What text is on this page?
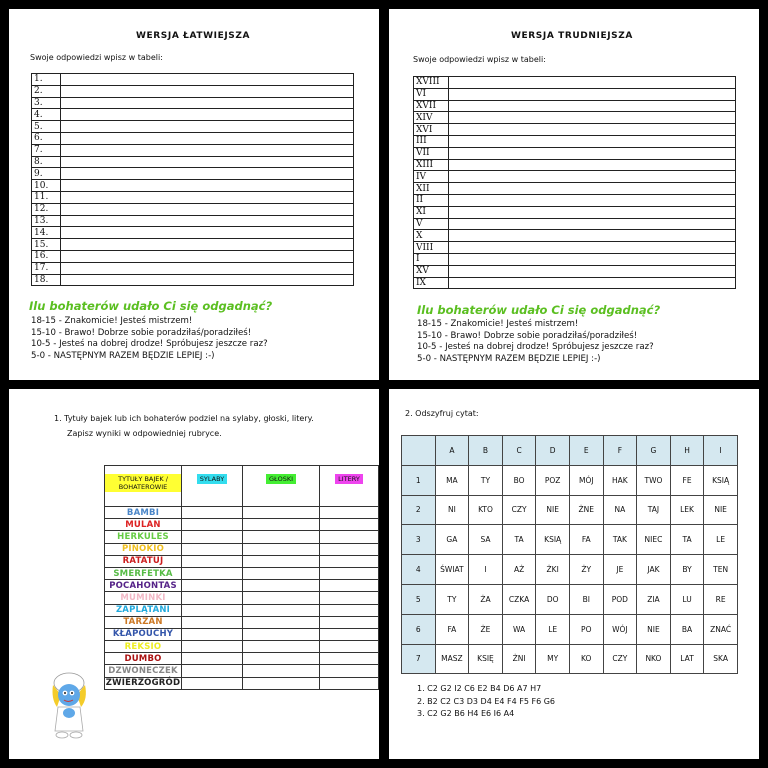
WERSJA ŁATWIEJSZA
Swoje odpowiedzi wpisz w tabeli:
1.	
2.	
3.	
4.	
5.	
6.	
7.	
8.	
9.	
10.	
11.	
12.	
13.	
14.	
15.	
16.	
17.	
18.	
Ilu bohaterów udało Ci się odgadnąć?
18-15 - Znakomicie! Jesteś mistrzem!
15-10 - Brawo! Dobrze sobie poradziłaś/poradziłeś!
10-5 - Jesteś na dobrej drodze! Spróbujesz jeszcze raz?
5-0 - NASTĘPNYM RAZEM BĘDZIE LEPIEJ :-)
WERSJA TRUDNIEJSZA
Swoje odpowiedzi wpisz w tabeli:
XVIII	
VI	
XVII	
XIV	
XVI	
III	
VII	
XIII	
IV	
XII	
II	
XI	
V	
X	
VIII	
I	
XV	
IX	
Ilu bohaterów udało Ci się odgadnąć?
18-15 - Znakomicie! Jesteś mistrzem!
15-10 - Brawo! Dobrze sobie poradziłaś/poradziłeś!
10-5 - Jesteś na dobrej drodze! Spróbujesz jeszcze raz?
5-0 - NASTĘPNYM RAZEM BĘDZIE LEPIEJ :-)
1. Tytuły bajek lub ich bohaterów podziel na sylaby, głoski, litery.
Zapisz wyniki w odpowiedniej rubryce.
TYTUŁY BAJEK / BOHATEROWIE	SYLABY	GŁOSKI	LITERY
BAMBI			
MULAN			
HERKULES			
PINOKIO			
RATATUJ			
SMERFETKA			
POCAHONTAS			
MUMINKI			
ZAPLĄTANI			
TARZAN			
KŁAPOUCHY			
REKSIO			
DUMBO			
DZWONECZEK			
ZWIERZOGRÓD			
2. Odszyfruj cytat:
	A	B	C	D	E	F	G	H	I
1	MA	TY	BO	POZ	MÓJ	HAK	TWO	FE	KSIĄ
2	NI	KTO	CZY	NIE	ŻNE	NA	TAJ	LEK	NIE
3	GA	SA	TA	KSIĄ	FA	TAK	NIEC	TA	LE
4	ŚWIAT	I	AŻ	ŻKI	ŻY	JE	JAK	BY	TEN
5	TY	ŻA	CZKA	DO	BI	POD	ZIA	LU	RE
6	FA	ŻE	WA	LE	PO	WÓJ	NIE	BA	ZNAĆ
7	MASZ	KSIĘ	ŻNI	MY	KO	CZY	NKO	LAT	SKA
1. C2 G2 I2 C6 E2 B4 D6 A7 H7
2. B2 C2 C3 D3 D4 E4 F4 F5 F6 G6
3. C2 G2 B6 H4 E6 I6 A4
